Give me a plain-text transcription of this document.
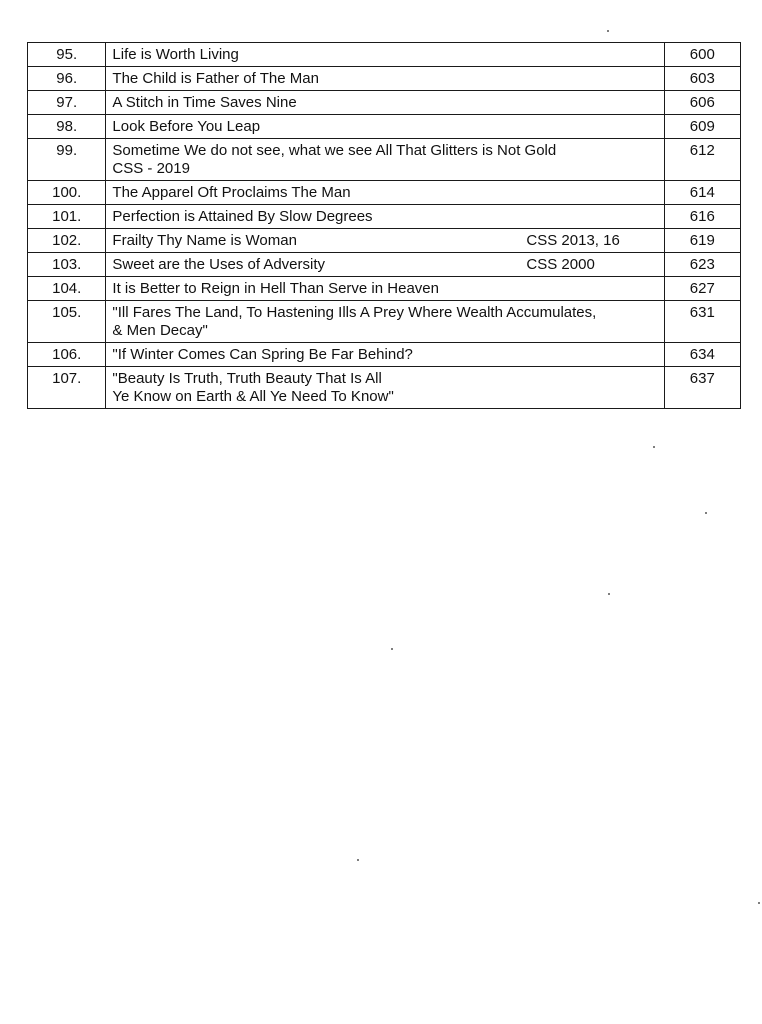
95.	Life is Worth Living	600
96.	The Child is Father of The Man	603
97.	A Stitch in Time Saves Nine	606
98.	Look Before You Leap	609
99.	Sometime We do not see, what we see All That Glitters is Not Gold
CSS - 2019	612
100.	The Apparel Oft Proclaims The Man	614
101.	Perfection is Attained By Slow Degrees	616
102.	Frailty Thy Name is Woman CSS 2013, 16	619
103.	Sweet are the Uses of Adversity CSS 2000	623
104.	It is Better to Reign in Hell Than Serve in Heaven	627
105.	"Ill Fares The Land, To Hastening Ills A Prey Where Wealth Accumulates,
& Men Decay"	631
106.	"If Winter Comes Can Spring Be Far Behind?	634
107.	"Beauty Is Truth, Truth Beauty That Is All
Ye Know on Earth & All Ye Need To Know"	637
